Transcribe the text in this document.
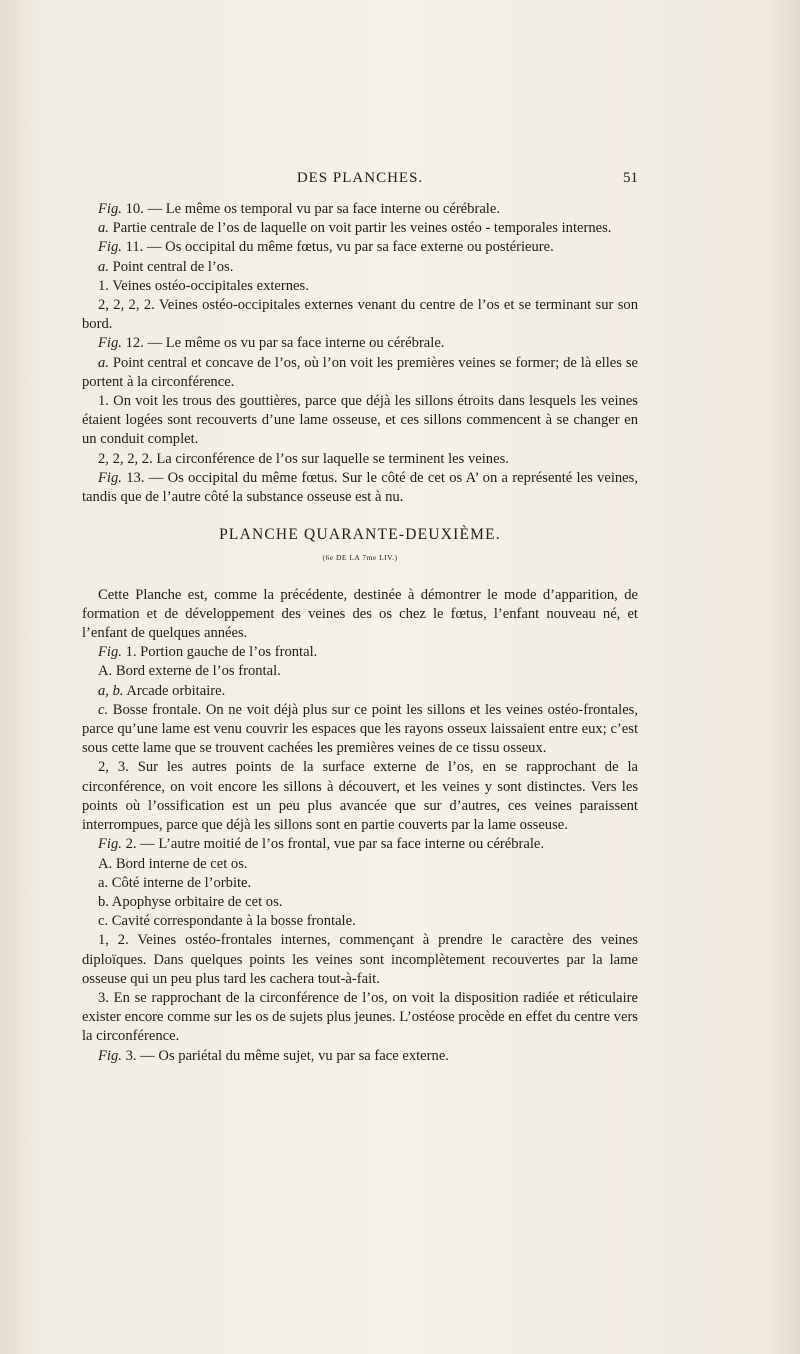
DES PLANCHES.	51

Fig. 10. — Le même os temporal vu par sa face interne ou cérébrale.

a. Partie centrale de l’os de laquelle on voit partir les veines ostéo - temporales internes.

Fig. 11. — Os occipital du même fœtus, vu par sa face externe ou postérieure.

a. Point central de l’os.

1. Veines ostéo-occipitales externes.

2, 2, 2, 2. Veines ostéo-occipitales externes venant du centre de l’os et se terminant sur son bord.

Fig. 12. — Le même os vu par sa face interne ou cérébrale.

a. Point central et concave de l’os, où l’on voit les premières veines se former; de là elles se portent à la circonférence.

1. On voit les trous des gouttières, parce que déjà les sillons étroits dans lesquels les veines étaient logées sont recouverts d’une lame osseuse, et ces sillons commencent à se changer en un conduit complet.

2, 2, 2, 2. La circonférence de l’os sur laquelle se terminent les veines.

Fig. 13. — Os occipital du même fœtus. Sur le côté de cet os A’ on a représenté les veines, tandis que de l’autre côté la substance osseuse est à nu.

PLANCHE QUARANTE-DEUXIÈME.
(6e DE LA 7me LIV.)

Cette Planche est, comme la précédente, destinée à démontrer le mode d’apparition, de formation et de développement des veines des os chez le fœtus, l’enfant nouveau né, et l’enfant de quelques années.

Fig. 1. Portion gauche de l’os frontal.

A. Bord externe de l’os frontal.

a, b. Arcade orbitaire.

c. Bosse frontale. On ne voit déjà plus sur ce point les sillons et les veines ostéo-frontales, parce qu’une lame est venu couvrir les espaces que les rayons osseux laissaient entre eux; c’est sous cette lame que se trouvent cachées les premières veines de ce tissu osseux.

2, 3. Sur les autres points de la surface externe de l’os, en se rapprochant de la circonférence, on voit encore les sillons à découvert, et les veines y sont distinctes. Vers les points où l’ossification est un peu plus avancée que sur d’autres, ces veines paraissent interrompues, parce que déjà les sillons sont en partie couverts par la lame osseuse.

Fig. 2. — L’autre moitié de l’os frontal, vue par sa face interne ou cérébrale.

A. Bord interne de cet os.

a. Côté interne de l’orbite.

b. Apophyse orbitaire de cet os.

c. Cavité correspondante à la bosse frontale.

1, 2. Veines ostéo-frontales internes, commençant à prendre le caractère des veines diploïques. Dans quelques points les veines sont incomplètement recouvertes par la lame osseuse qui un peu plus tard les cachera tout-à-fait.

3. En se rapprochant de la circonférence de l’os, on voit la disposition radiée et réticulaire exister encore comme sur les os de sujets plus jeunes. L’ostéose procède en effet du centre vers la circonférence.

Fig. 3. — Os pariétal du même sujet, vu par sa face externe.
